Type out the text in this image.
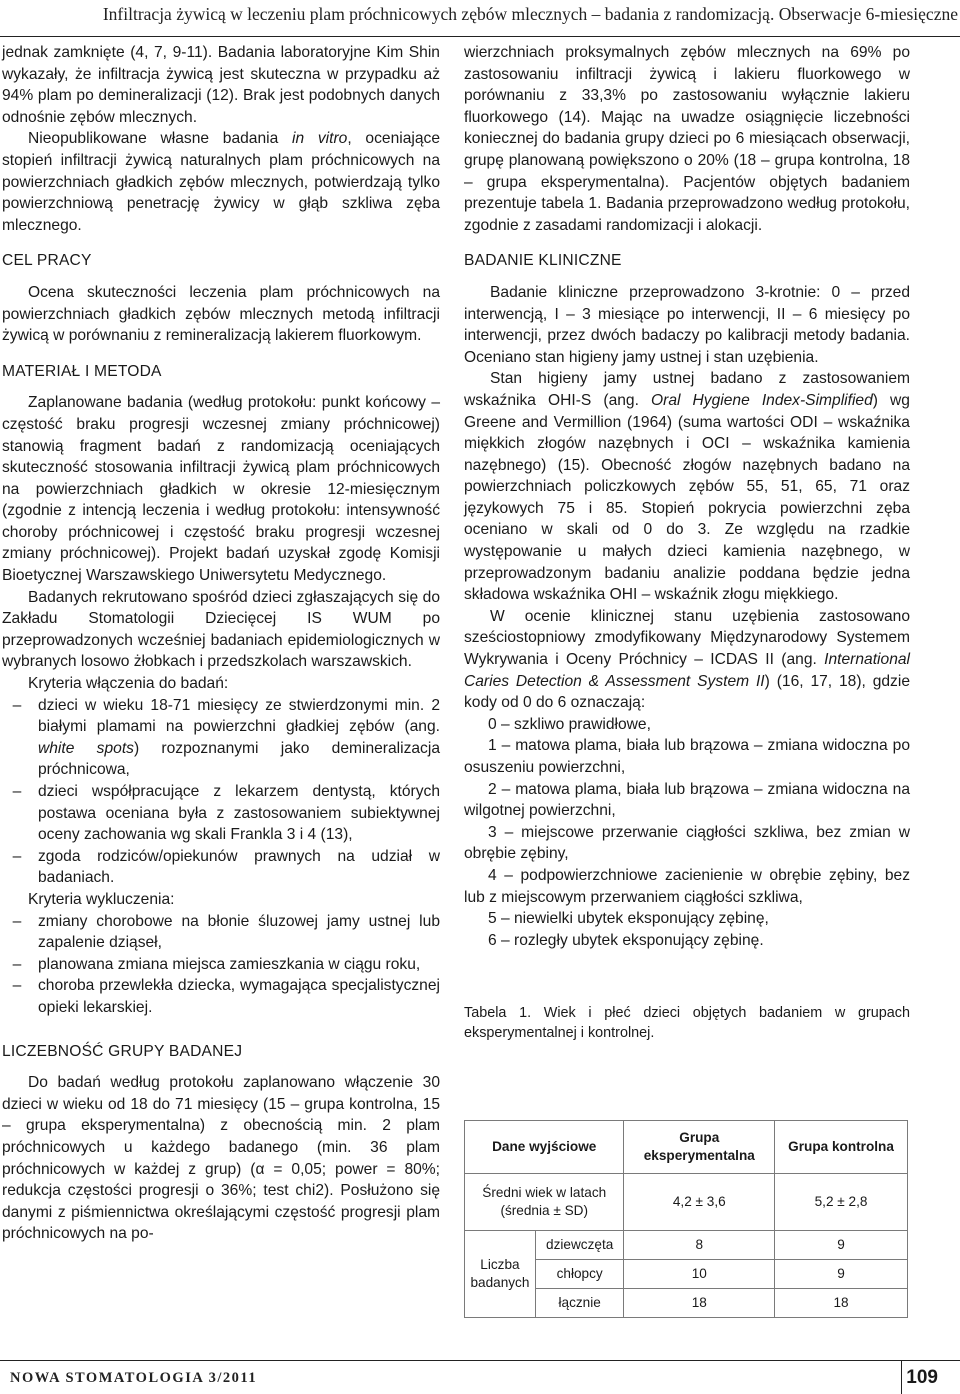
Infiltracja żywicą w leczeniu plam próchnicowych zębów mlecznych – badania z randomizacją. Obserwacje 6-miesięczne

jednak zamknięte (4, 7, 9-11). Badania laboratoryjne Kim Shin wykazały, że infiltracja żywicą jest skuteczna w przypadku aż 94% plam po demineralizacji (12). Brak jest podobnych danych odnośnie zębów mlecznych.

Nieopublikowane własne badania in vitro, oceniające stopień infiltracji żywicą naturalnych plam próchnicowych na powierzchniach gładkich zębów mlecznych, potwierdzają tylko powierzchniową penetrację żywicy w głąb szkliwa zęba mlecznego.

CEL PRACY

Ocena skuteczności leczenia plam próchnicowych na powierzchniach gładkich zębów mlecznych metodą infiltracji żywicą w porównaniu z remineralizacją lakierem fluorkowym.

MATERIAŁ I METODA

Zaplanowane badania (według protokołu: punkt końcowy – częstość braku progresji wczesnej zmiany próchnicowej) stanowią fragment badań z randomizacją oceniających skuteczność stosowania infiltracji żywicą plam próchnicowych na powierzchniach gładkich w okresie 12-miesięcznym (zgodnie z intencją leczenia i według protokołu: intensywność choroby próchnicowej i częstość braku progresji wczesnej zmiany próchnicowej). Projekt badań uzyskał zgodę Komisji Bioetycznej Warszawskiego Uniwersytetu Medycznego.

Badanych rekrutowano spośród dzieci zgłaszających się do Zakładu Stomatologii Dziecięcej IS WUM po przeprowadzonych wcześniej badaniach epidemiologicznych w wybranych losowo żłobkach i przedszkolach warszawskich.

Kryteria włączenia do badań:

–	dzieci w wieku 18-71 miesięcy ze stwierdzonymi min. 2 białymi plamami na powierzchni gładkiej zębów (ang. white spots) rozpoznanymi jako demineralizacja próchnicowa,
–	dzieci współpracujące z lekarzem dentystą, których postawa oceniana była z zastosowaniem subiektywnej oceny zachowania wg skali Frankla 3 i 4 (13),
–	zgoda rodziców/opiekunów prawnych na udział w badaniach.

Kryteria wykluczenia:

–	zmiany chorobowe na błonie śluzowej jamy ustnej lub zapalenie dziąseł,
–	planowana zmiana miejsca zamieszkania w ciągu roku,
–	choroba przewlekła dziecka, wymagająca specjalistycznej opieki lekarskiej.
LICZEBNOŚĆ GRUPY BADANEJ

Do badań według protokołu zaplanowano włączenie 30 dzieci w wieku od 18 do 71 miesięcy (15 – grupa kontrolna, 15 – grupa eksperymentalna) z obecnością min. 2 plam próchnicowych u każdego badanego (min. 36 plam próchnicowych w każdej z grup) (α = 0,05; power = 80%; redukcja częstości progresji o 36%; test chi2). Posłużono się danymi z piśmiennictwa określającymi częstość progresji plam próchnicowych na po-

wierzchniach proksymalnych zębów mlecznych na 69% po zastosowaniu infiltracji żywicą i lakieru fluorkowego w porównaniu z 33,3% po zastosowaniu wyłącznie lakieru fluorkowego (14). Mając na uwadze osiągnięcie liczebności koniecznej do badania grupy dzieci po 6 miesiącach obserwacji, grupę planowaną powiększono o 20% (18 – grupa kontrolna, 18 – grupa eksperymentalna). Pacjentów objętych badaniem prezentuje tabela 1. Badania przeprowadzono według protokołu, zgodnie z zasadami randomizacji i alokacji.

BADANIE KLINICZNE

Badanie kliniczne przeprowadzono 3-krotnie: 0 – przed interwencją, I – 3 miesiące po interwencji, II – 6 miesięcy po interwencji, przez dwóch badaczy po kalibracji metody badania. Oceniano stan higieny jamy ustnej i stan uzębienia.

Stan higieny jamy ustnej badano z zastosowaniem wskaźnika OHI-S (ang. Oral Hygiene Index-Simplified) wg Greene and Vermillion (1964) (suma wartości ODI – wskaźnika miękkich złogów nazębnych i OCI – wskaźnika kamienia nazębnego) (15). Obecność złogów nazębnych badano na powierzchniach policzkowych zębów 55, 51, 65, 71 oraz językowych 75 i 85. Stopień pokrycia powierzchni zęba oceniano w skali od 0 do 3. Ze względu na rzadkie występowanie u małych dzieci kamienia nazębnego, w przeprowadzonym badaniu analizie poddana będzie jedna składowa wskaźnika OHI – wskaźnik złogu miękkiego.

W ocenie klinicznej stanu uzębienia zastosowano sześciostopniowy zmodyfikowany Międzynarodowy Systemem Wykrywania i Oceny Próchnicy – ICDAS II (ang. International Caries Detection & Assessment System II) (16, 17, 18), gdzie kody od 0 do 6 oznaczają:

0 – szkliwo prawidłowe,

1 – matowa plama, biała lub brązowa – zmiana widoczna po osuszeniu powierzchni,

2 – matowa plama, biała lub brązowa – zmiana widoczna na wilgotnej powierzchni,

3 – miejscowe przerwanie ciągłości szkliwa, bez zmian w obrębie zębiny,

4 – podpowierzchniowe zacienienie w obrębie zębiny, bez lub z miejscowym przerwaniem ciągłości szkliwa,

5 – niewielki ubytek eksponujący zębinę,

6 – rozległy ubytek eksponujący zębinę.

Tabela 1. Wiek i płeć dzieci objętych badaniem w grupach eksperymentalnej i kontrolnej.

Dane wyjściowe		Grupa eksperymentalna	Grupa kontrolna
Średni wiek w latach (średnia ± SD)		4,2 ± 3,6	5,2 ± 2,8
Liczba badanych	dziewczęta	8	9
	chłopcy	10	9
	łącznie	18	18
NOWA STOMATOLOGIA 3/2011	109
